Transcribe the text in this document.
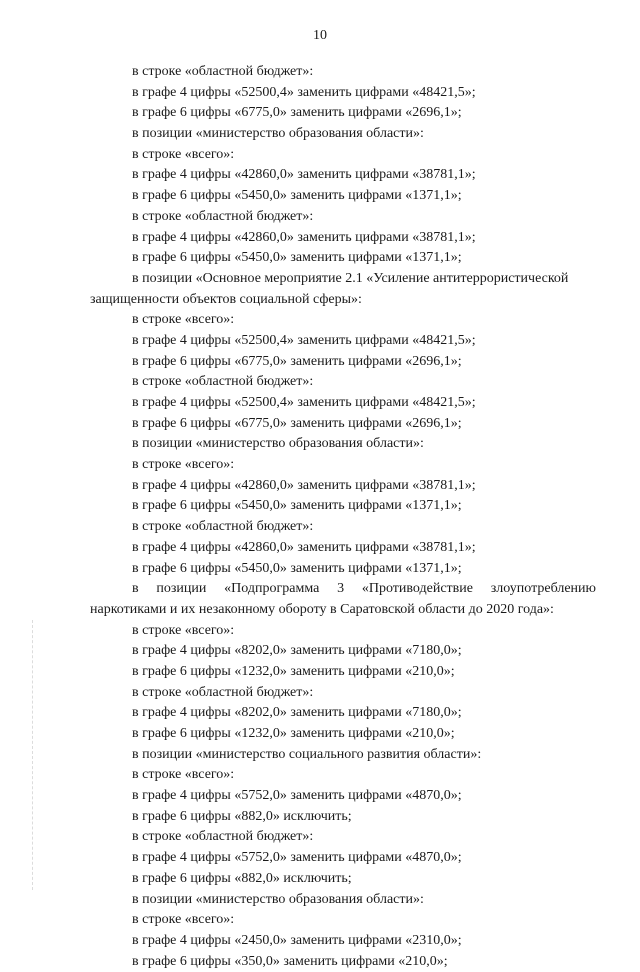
10
в строке «областной бюджет»:
в графе 4 цифры «52500,4» заменить цифрами «48421,5»;
в графе 6 цифры «6775,0» заменить цифрами «2696,1»;
в позиции «министерство образования области»:
в строке «всего»:
в графе 4 цифры «42860,0» заменить цифрами «38781,1»;
в графе 6 цифры «5450,0» заменить цифрами «1371,1»;
в строке «областной бюджет»:
в графе 4 цифры «42860,0» заменить цифрами «38781,1»;
в графе 6 цифры «5450,0» заменить цифрами «1371,1»;
в позиции «Основное мероприятие 2.1 «Усиление антитеррористической
защищенности объектов социальной сферы»:
в строке «всего»:
в графе 4 цифры «52500,4» заменить цифрами «48421,5»;
в графе 6 цифры «6775,0» заменить цифрами «2696,1»;
в строке «областной бюджет»:
в графе 4 цифры «52500,4» заменить цифрами «48421,5»;
в графе 6 цифры «6775,0» заменить цифрами «2696,1»;
в позиции «министерство образования области»:
в строке «всего»:
в графе 4 цифры «42860,0» заменить цифрами «38781,1»;
в графе 6 цифры «5450,0» заменить цифрами «1371,1»;
в строке «областной бюджет»:
в графе 4 цифры «42860,0» заменить цифрами «38781,1»;
в графе 6 цифры «5450,0» заменить цифрами «1371,1»;
в позиции «Подпрограмма 3 «Противодействие злоупотреблению
наркотиками и их незаконному обороту в Саратовской области до 2020 года»:
в строке «всего»:
в графе 4 цифры «8202,0» заменить цифрами «7180,0»;
в графе 6 цифры «1232,0» заменить цифрами «210,0»;
в строке «областной бюджет»:
в графе 4 цифры «8202,0» заменить цифрами «7180,0»;
в графе 6 цифры «1232,0» заменить цифрами «210,0»;
в позиции «министерство социального развития области»:
в строке «всего»:
в графе 4 цифры «5752,0» заменить цифрами «4870,0»;
в графе 6 цифры «882,0» исключить;
в строке «областной бюджет»:
в графе 4 цифры «5752,0» заменить цифрами «4870,0»;
в графе 6 цифры «882,0» исключить;
в позиции «министерство образования области»:
в строке «всего»:
в графе 4 цифры «2450,0» заменить цифрами «2310,0»;
в графе 6 цифры «350,0» заменить цифрами «210,0»;
